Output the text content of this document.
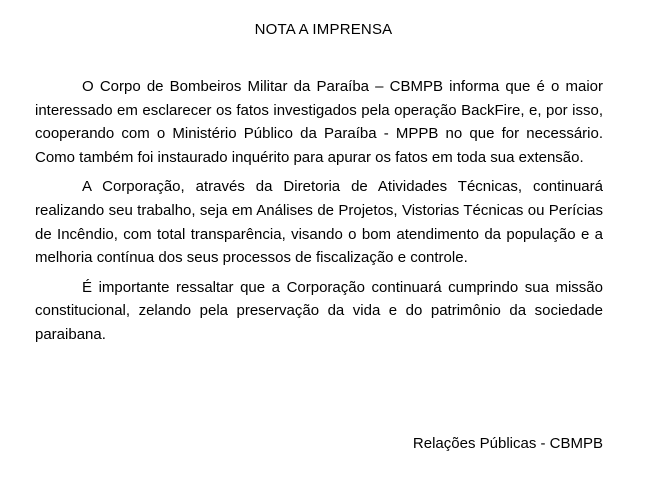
NOTA A IMPRENSA

O Corpo de Bombeiros Militar da Paraíba – CBMPB informa que é o maior interessado em esclarecer os fatos investigados pela operação BackFire, e, por isso, cooperando com o Ministério Público da Paraíba - MPPB no que for necessário. Como também foi instaurado inquérito para apurar os fatos em toda sua extensão.

A Corporação, através da Diretoria de Atividades Técnicas, continuará realizando seu trabalho, seja em Análises de Projetos, Vistorias Técnicas ou Perícias de Incêndio, com total transparência, visando o bom atendimento da população e a melhoria contínua dos seus processos de fiscalização e controle.

É importante ressaltar que a Corporação continuará cumprindo sua missão constitucional, zelando pela preservação da vida e do patrimônio da sociedade paraibana.

Relações Públicas - CBMPB
